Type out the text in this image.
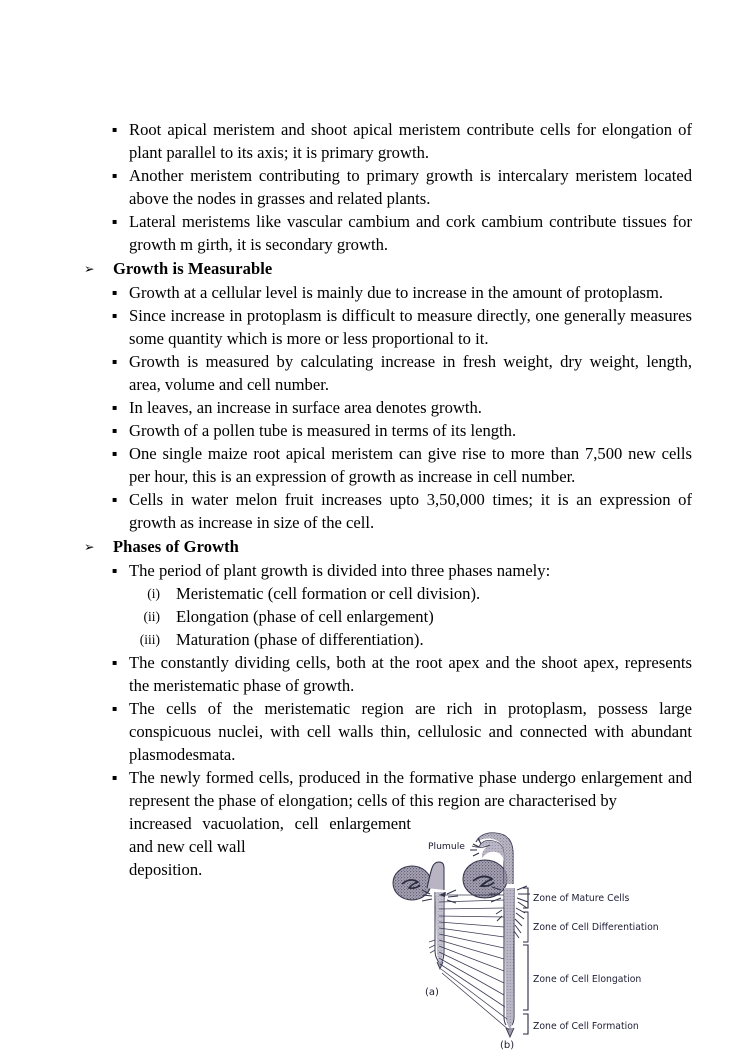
▪ Root apical meristem and shoot apical meristem contribute cells for elongation of plant parallel to its axis; it is primary growth.
▪ Another meristem contributing to primary growth is intercalary meristem located above the nodes in grasses and related plants.
▪ Lateral meristems like vascular cambium and cork cambium contribute tissues for growth m girth, it is secondary growth.
➢ Growth is Measurable
▪ Growth at a cellular level is mainly due to increase in the amount of protoplasm.
▪ Since increase in protoplasm is difficult to measure directly, one generally measures some quantity which is more or less proportional to it.
▪ Growth is measured by calculating increase in fresh weight, dry weight, length, area, volume and cell number.
▪ In leaves, an increase in surface area denotes growth.
▪ Growth of a pollen tube is measured in terms of its length.
▪ One single maize root apical meristem can give rise to more than 7,500 new cells per hour, this is an expression of growth as increase in cell number.
▪ Cells in water melon fruit increases upto 3,50,000 times; it is an expression of growth as increase in size of the cell.
➢ Phases of Growth
▪ The period of plant growth is divided into three phases namely:
(i) Meristematic (cell formation or cell division).
(ii) Elongation (phase of cell enlargement)
(iii) Maturation (phase of differentiation).
▪ The constantly dividing cells, both at the root apex and the shoot apex, represents the meristematic phase of growth.
▪ The cells of the meristematic region are rich in protoplasm, possess large conspicuous nuclei, with cell walls thin, cellulosic and connected with abundant plasmodesmata.
▪ The newly formed cells, produced in the formative phase undergo enlargement and represent the phase of elongation; cells of this region are characterised by
increased vacuolation, cell enlargement and new cell wall
deposition.
Plumule
Zone of Mature Cells
Zone of Cell Differentiation
Zone of Cell Elongation
Zone of Cell Formation
(a)
(b)
